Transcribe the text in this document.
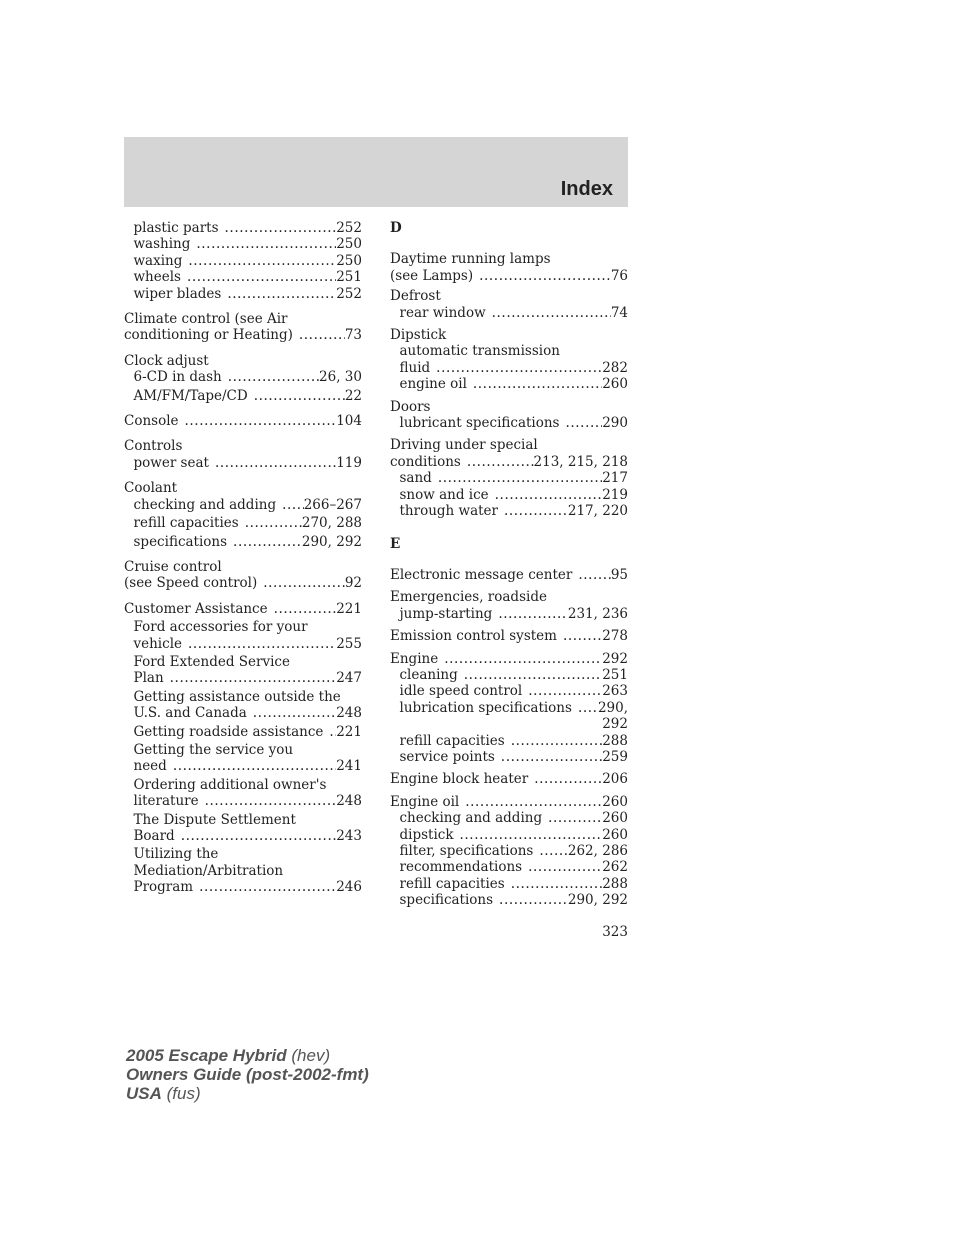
Index
plastic parts .....	252
washing .....	250
waxing .....	250
wheels .....	251
wiper blades .....	252
Climate control (see Air
conditioning or Heating) .....	73
Clock adjust
6-CD in dash .....	26, 30
AM/FM/Tape/CD .....	22
Console .....	104
Controls
power seat .....	119
Coolant
checking and adding ..... 266–267
refill capacities .....	270, 288
specifications .....	290, 292
Cruise control
(see Speed control) .....	92
Customer Assistance .....	221
Ford accessories for your
vehicle .....	255
Ford Extended Service
Plan .....	247
Getting assistance outside the
U.S. and Canada .....	248
Getting roadside assistance ..... 221
Getting the service you
need .....	241
Ordering additional owner's
literature .....	248
The Dispute Settlement
Board .....	243
Utilizing the
Mediation/Arbitration
Program .....	246
D
Daytime running lamps
(see Lamps) .....	76
Defrost
rear window .....	74
Dipstick
automatic transmission
fluid .....	282
engine oil .....	260
Doors
lubricant specifications .....	290
Driving under special
conditions .....	213, 215, 218
sand .....	217
snow and ice .....	219
through water .....	217, 220
E
Electronic message center .....	95
Emergencies, roadside
jump-starting .....	231, 236
Emission control system .....	278
Engine .....	292
cleaning .....	251
idle speed control .....	263
lubrication specifications ..... 290,
292
refill capacities .....	288
service points .....	259
Engine block heater .....	206
Engine oil .....	260
checking and adding .....	260
dipstick .....	260
filter, specifications .....	262, 286
recommendations .....	262
refill capacities .....	288
specifications .....	290, 292
323
2005 Escape Hybrid (hev)
Owners Guide (post-2002-fmt)
USA (fus)
